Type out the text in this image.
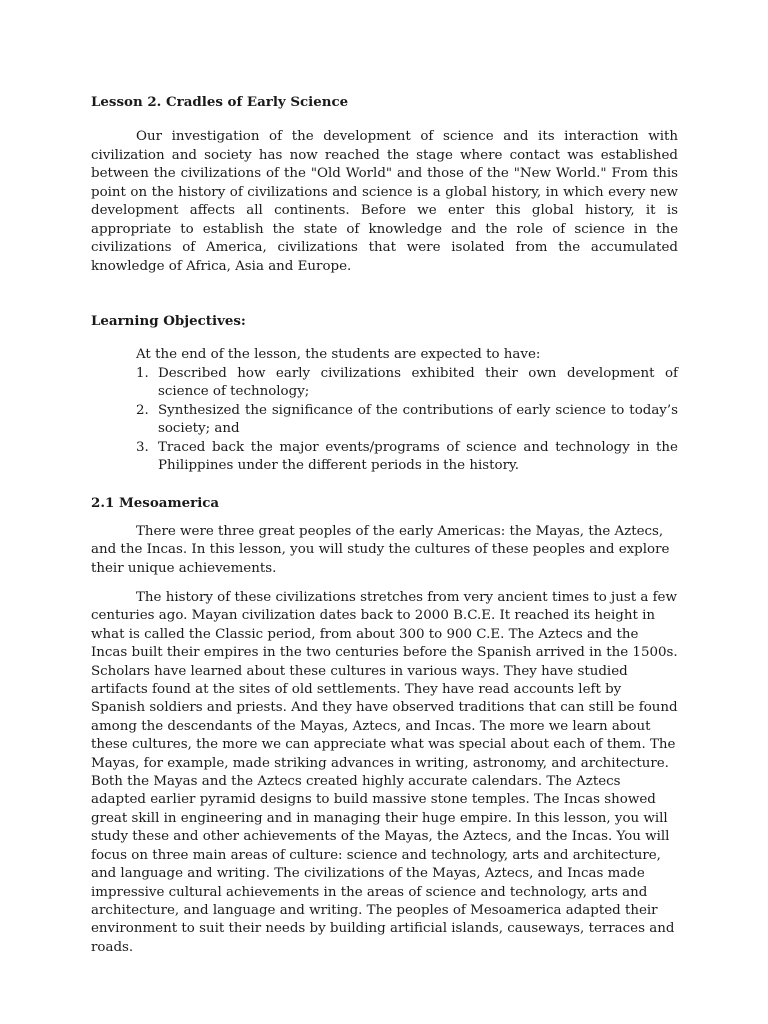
Lesson 2. Cradles of Early Science

Our investigation of the development of science and its interaction with civilization and society has now reached the stage where contact was established between the civilizations of the "Old World" and those of the "New World." From this point on the history of civilizations and science is a global history, in which every new development affects all continents. Before we enter this global history, it is appropriate to establish the state of knowledge and the role of science in the civilizations of America, civilizations that were isolated from the accumulated knowledge of Africa, Asia and Europe.

Learning Objectives:

At the end of the lesson, the students are expected to have:

1. Described how early civilizations exhibited their own development of science of technology;
2. Synthesized the significance of the contributions of early science to today’s society; and
3. Traced back the major events/programs of science and technology in the Philippines under the different periods in the history.
2.1 Mesoamerica

There were three great peoples of the early Americas: the Mayas, the Aztecs, and the Incas. In this lesson, you will study the cultures of these peoples and explore their unique achievements.

The history of these civilizations stretches from very ancient times to just a few centuries ago. Mayan civilization dates back to 2000 B.C.E. It reached its height in what is called the Classic period, from about 300 to 900 C.E. The Aztecs and the Incas built their empires in the two centuries before the Spanish arrived in the 1500s. Scholars have learned about these cultures in various ways. They have studied artifacts found at the sites of old settlements. They have read accounts left by Spanish soldiers and priests. And they have observed traditions that can still be found among the descendants of the Mayas, Aztecs, and Incas. The more we learn about these cultures, the more we can appreciate what was special about each of them. The Mayas, for example, made striking advances in writing, astronomy, and architecture. Both the Mayas and the Aztecs created highly accurate calendars. The Aztecs adapted earlier pyramid designs to build massive stone temples. The Incas showed great skill in engineering and in managing their huge empire. In this lesson, you will study these and other achievements of the Mayas, the Aztecs, and the Incas. You will focus on three main areas of culture: science and technology, arts and architecture, and language and writing. The civilizations of the Mayas, Aztecs, and Incas made impressive cultural achievements in the areas of science and technology, arts and architecture, and language and writing. The peoples of Mesoamerica adapted their environment to suit their needs by building artificial islands, causeways, terraces and roads.
